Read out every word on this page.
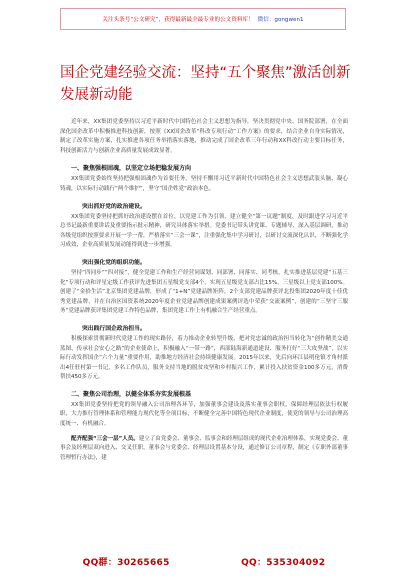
关注头条号“公文研究”，获得最新最全最专业的公文资料库！ 微信：gongwen1
国企党建经验交流：坚持“五个聚焦”激活创新发展新动能

近年来，XX集团党委坚持以习近平新时代中国特色社会主义思想为指导，坚决贯彻党中央、国务院部署，在全面深化国企改革中积极推进科技创新，按照《XX国企改革“科改专项行动”工作方案》的要求，结合企业自身实际情况，制定了改革实施方案，扎实推进各项任务举措落实落地，推动完成了国企改革三年行动和XX科改行动主要目标任务，科技创新活力与创新企业高质量发展成效显著。

一、聚焦强根固魂，以坚定立场把稳发展方向

XX集团党委始终坚持把强根固魂作为首要任务，坚持不懈用习近平新时代中国特色社会主义思想武装头脑、凝心铸魂，以实际行动践行“两个维护”，坚守“国企姓党”政治本色。

突出抓好党的政治建设。

XX集团党委坚持把抓好政治建设摆在首位，以党建工作为引领，建立健全“第一议题”制度，及时跟进学习习近平总书记最新重要讲话及重要指示批示精神，研究具体落实举措。党委书记带头讲党课、专题辅导、深入基层调研，推动各级党组织按照要求开展一学一帮，严格落实“三会一课”，注重强化集中学习研讨，以研讨交流深化认识，不断强化学习成效，企业高质量发展动能得到进一步增强。

突出强化党的组织功能。

坚持“四同步”“四对接”，健全党建工作和生产经营同谋划、同部署、同落实、同考核，扎实推进基层党建“五基三化”专项行动和评星定级工作获评先进集团五星级党支部4个，实现五星级党支部占比15%，三星级以上党支部100%。创建了“金拾生活”北京集团党建品牌，形成了“1+N”党建品牌矩阵，2个支部党建品牌获评北投集团2020年度十佳优秀党建品牌，并在自治区国资系统2020年度企业党建品牌创建成果案例评选中荣获“交流案例”，创建的“三坚守三服务”党建品牌获评集团党建工作特色品牌，集团党建工作上有机融合生产经营重点。

突出践行国企政治担当。

积极探索贯彻新时代党建工作的现实路径，着力推动企业转型升级，把对党忠诚的政治担当转化为“创作精美交通蓝图、传承社会安心之路”的企业使命上，积极融入“一带一路”，西部陆海新通道建设、服务打好“三大攻坚战”，以实际行动发挥国企“六个力量”重要作用，助推地方经济社会持续健康发展。2015年以来，先后向环江县明伦镇才角村派出4任驻村第一书记，多名工作队员，服务支持当地的脱贫攻坚和乡村振兴工作，累计投入扶贫资金100多万元，消费帮扶450多万元。

二、聚焦公司治理，以健全体系夯实发展根基

XX集团党委坚持把党的领导融入公司治理各环节，加强董事会建设及落实董事会职权，保障经理层依法行权履职，大力推行管理体系和管理能力现代化等全项目标，不断健全完善中国特色现代企业制度，使党的领导与公司治理高度统一、有机融合。

配齐配强“三会一层”人员。建立了由党委会、董事会、监事会和经理层组成的现代企业治理体系，实现党委会、董事会及经理层双向进入、交叉任职，董事会与党委会、经理层设置基本分设，通过修订公司章程，制定《专职外部董事管理暂行办法》，建

QQ群：30265665	QQ：535304092
